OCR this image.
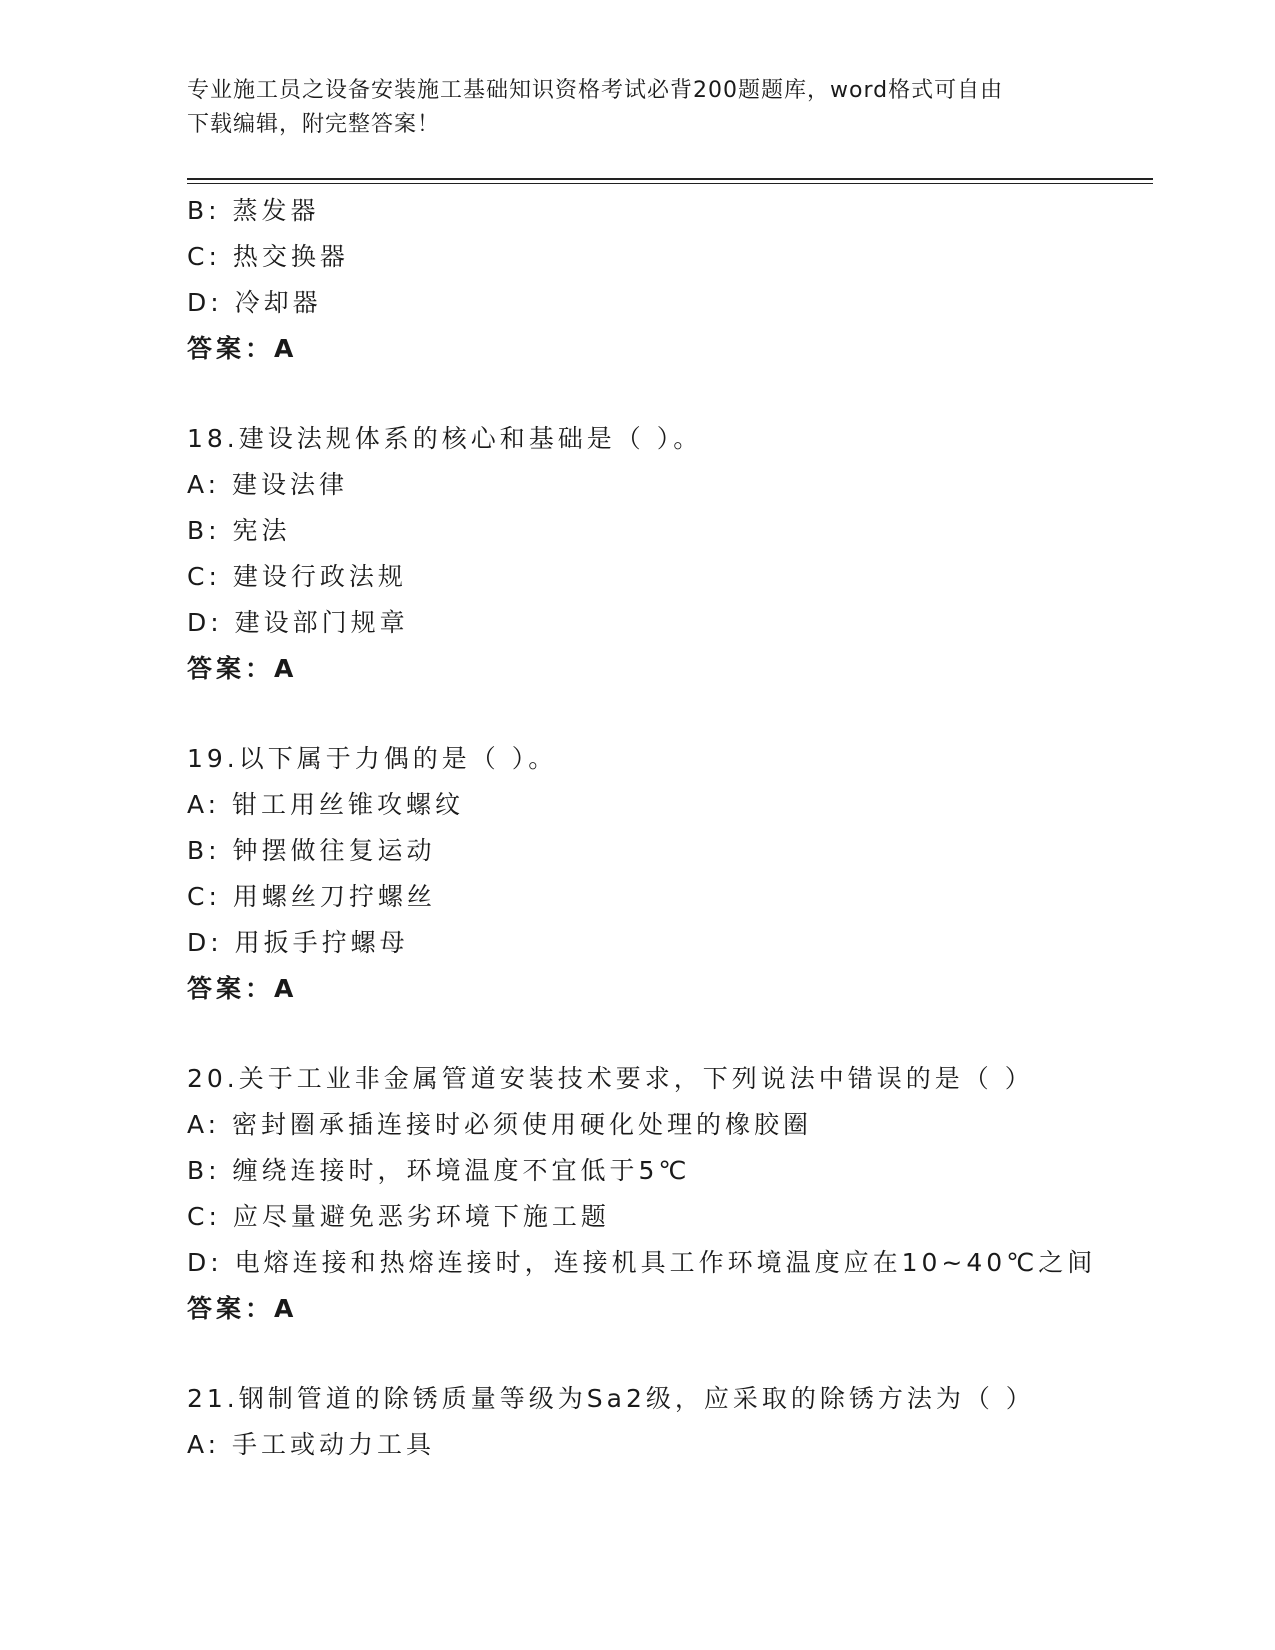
专业施工员之设备安装施工基础知识资格考试必背200题题库，word格式可自由
下载编辑，附完整答案！
B: 蒸发器
C: 热交换器
D: 冷却器
答案：A
18.建设法规体系的核心和基础是（ ）。
A: 建设法律
B: 宪法
C: 建设行政法规
D: 建设部门规章
答案：A
19.以下属于力偶的是（ ）。
A: 钳工用丝锥攻螺纹
B: 钟摆做往复运动
C: 用螺丝刀拧螺丝
D: 用扳手拧螺母
答案：A
20.关于工业非金属管道安装技术要求，下列说法中错误的是（ ）
A: 密封圈承插连接时必须使用硬化处理的橡胶圈
B: 缠绕连接时，环境温度不宜低于5℃
C: 应尽量避免恶劣环境下施工题
D: 电熔连接和热熔连接时，连接机具工作环境温度应在10~40℃之间
答案：A
21.钢制管道的除锈质量等级为Sa2级，应采取的除锈方法为（ ）
A: 手工或动力工具
